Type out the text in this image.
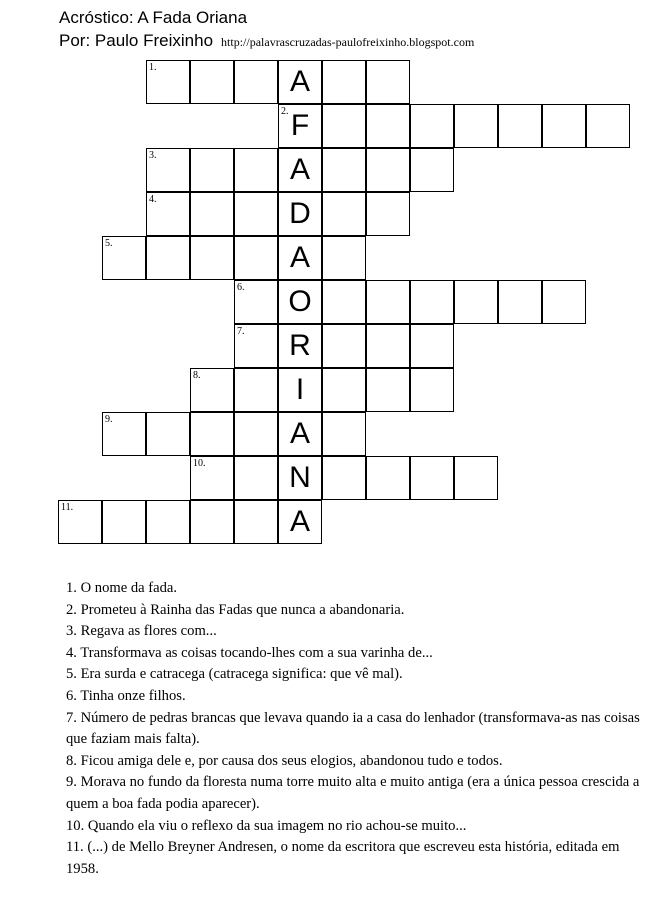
Acróstico: A Fada Oriana
Por: Paulo Freixinho http://palavrascruzadas-paulofreixinho.blogspot.com
1.	A
2. F
3.	A
4.	D
5.	A
6.	O
7.	R
8.	I
9.	A
10.	N
11.	A
1. O nome da fada.
2. Prometeu à Rainha das Fadas que nunca a abandonaria.
3. Regava as flores com...
4. Transformava as coisas tocando-lhes com a sua varinha de...
5. Era surda e catracega (catracega significa: que vê mal).
6. Tinha onze filhos.
7. Número de pedras brancas que levava quando ia a casa do lenhador (transformava-as nas coisas que faziam mais falta).
8. Ficou amiga dele e, por causa dos seus elogios, abandonou tudo e todos.
9. Morava no fundo da floresta numa torre muito alta e muito antiga (era a única pessoa crescida a quem a boa fada podia aparecer).
10. Quando ela viu o reflexo da sua imagem no rio achou-se muito...
11. (...) de Mello Breyner Andresen, o nome da escritora que escreveu esta história, editada em 1958.
